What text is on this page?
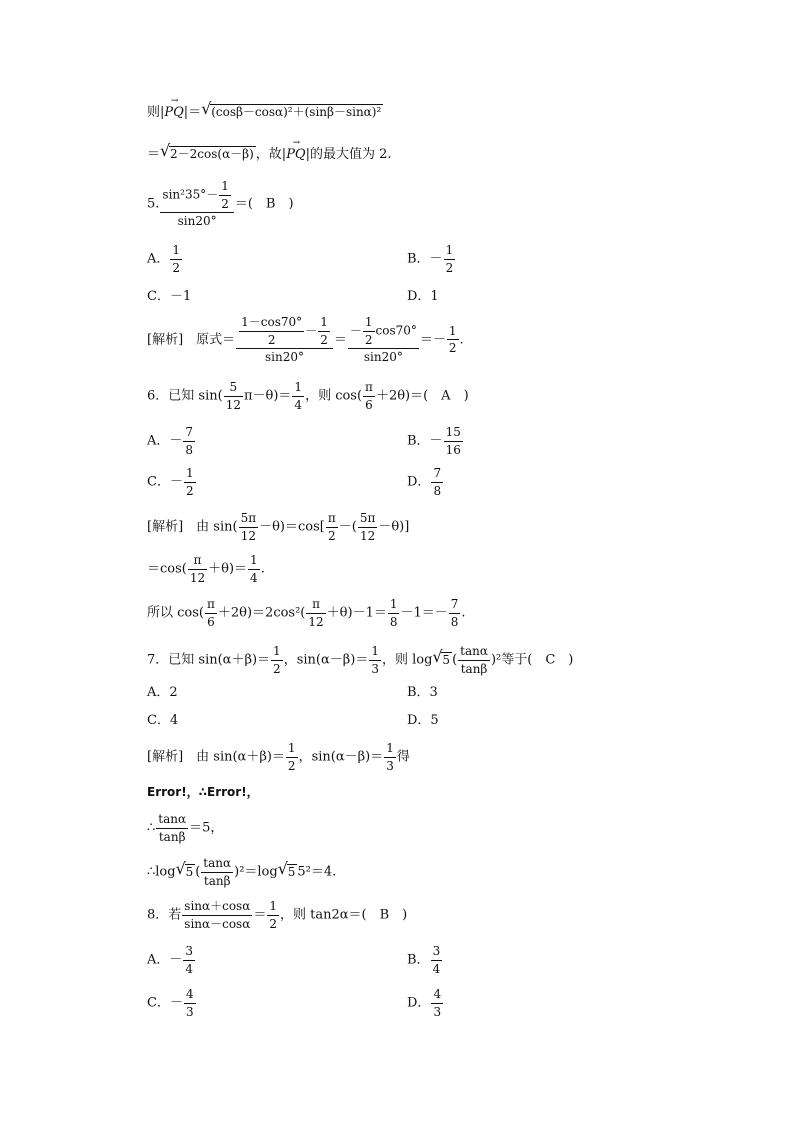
则|
→
PQ|＝ √ (cosβ－cosα)²＋(sinβ－sinα)²
＝ √ 2－2cos(α－β) ，故|
→
PQ|的最大值为 2.
5. $\frac{\sin^235^\circ- \frac{1}{2}}{\sin 20^\circ}$ ＝(　B　)
A． $\frac{1}{2}$	B．－ $\frac{1}{2}$
C．－1	D．1
[解析]　原式＝ $\frac{\frac{1-\cos 70^\circ}{2} - \frac{1}{2}}{\sin 20^\circ} = \frac{- \frac{1}{2} \cos 70^\circ}{\sin 20^\circ} =- \frac{1}{2}$ .
6．已知 $\sin( \frac{5}{12} \pi-\theta)= \frac{1}{4}$ ，则 $\cos( \frac{\pi}{6} +2\theta)=$(　A　)
A．－ $\frac{7}{8}$	B．－ $\frac{15}{16}$
C．－ $\frac{1}{2}$	D． $\frac{7}{8}$
[解析]　由 $\sin( \frac{5\pi}{12} -\theta)=\cos[ \frac{\pi}{2}$ －( $\frac{5\pi}{12} -\theta$)]
$=\cos( \frac{\pi}{12} +\theta)= \frac{1}{4}$ .
所以 $\cos( \frac{\pi}{6} +2\theta)=2\cos^2( \frac{\pi}{12} +\theta)-1= \frac{1}{8} -1=- \frac{7}{8}$ .
7．已知 $\sin(\alpha+\beta)= \frac{1}{2}$ ，$\sin(\alpha-\beta)= \frac{1}{3}$ ，则 log √ 5 ( $\frac{\tan\alpha}{\tan\beta} )^2$等于(　C　)
A．2	B．3
C．4	D．5
[解析]　由 $\sin(\alpha+\beta)= \frac{1}{2}$ ，$\sin(\alpha-\beta)= \frac{1}{3}$ 得
Error!，∴Error!，
∴ $\frac{\tan\alpha}{\tan\beta} =5$，
∴log √ 5 ( $\frac{\tan\alpha}{\tan\beta} )^2=\log$ √ 5 5²＝4.
8．若 $\frac{\sin\alpha+\cos\alpha}{\sin\alpha-\cos\alpha} = \frac{1}{2}$ ，则 tan2α＝(　B　)
A．－ $\frac{3}{4}$	B． $\frac{3}{4}$
C．－ $\frac{4}{3}$	D． $\frac{4}{3}$
